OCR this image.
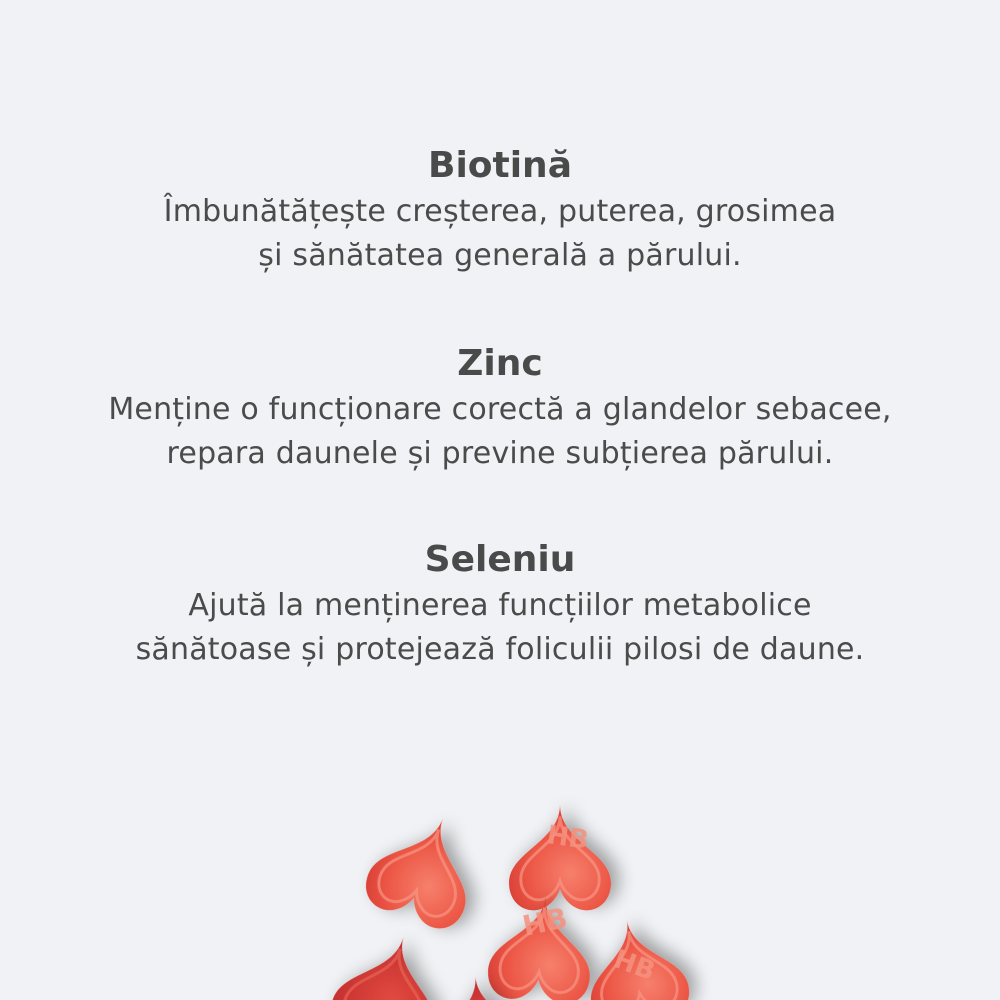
Biotină

Îmbunătățește creșterea, puterea, grosimea
și sănătatea generală a părului.

Zinc

Menține o funcționare corectă a glandelor sebacee,
repara daunele și previne subțierea părului.

Seleniu

Ajută la menținerea funcțiilor metabolice
sănătoase și protejează foliculii pilosi de daune.

HB
HB
HB
